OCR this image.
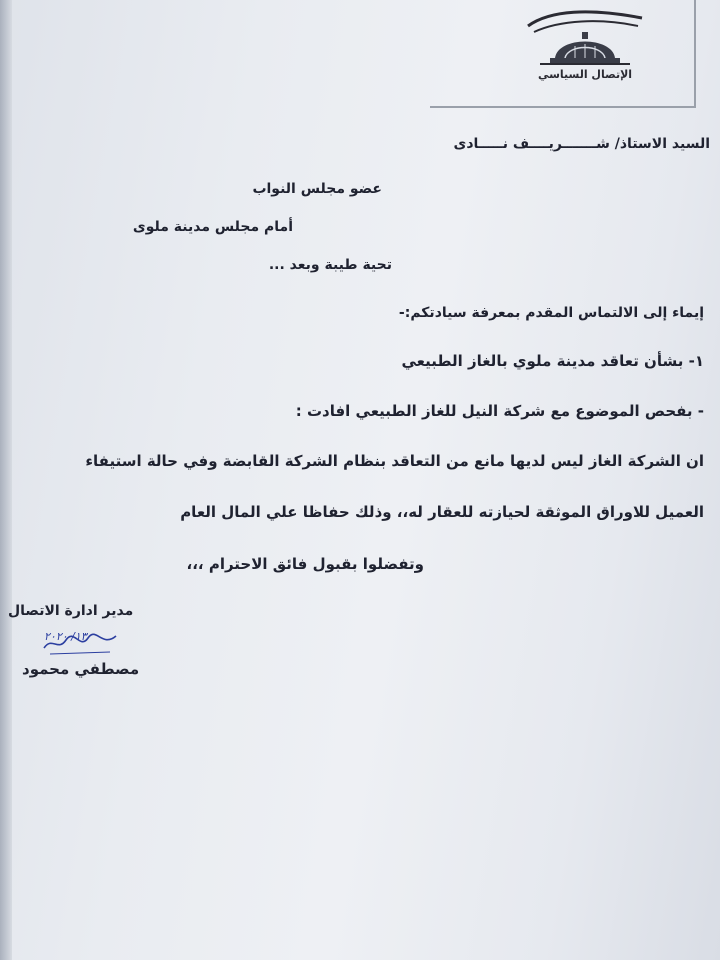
الإتصال السياسي
السيد الاستاذ/ شـــــــريــــف نـــــادى
عضو مجلس النواب
أمام مجلس مدينة ملوى
تحية طيبة وبعد ...
إيماء إلى الالتماس المقدم بمعرفة سيادتكم:-
١- بشأن تعاقد مدينة ملوي بالغاز الطبيعي
- بفحص الموضوع مع شركة النيل للغاز الطبيعي افادت :
ان الشركة الغاز ليس لديها مانع من التعاقد بنظام الشركة القابضة وفي حالة استيفاء
العميل للاوراق الموثقة لحيازته للعقار له،، وذلك حفاظا علي المال العام
وتفضلوا بقبول فائق الاحترام ،،،
مدير ادارة الاتصال
١٣/ ٢٠٢٠
مصطفي محمود
